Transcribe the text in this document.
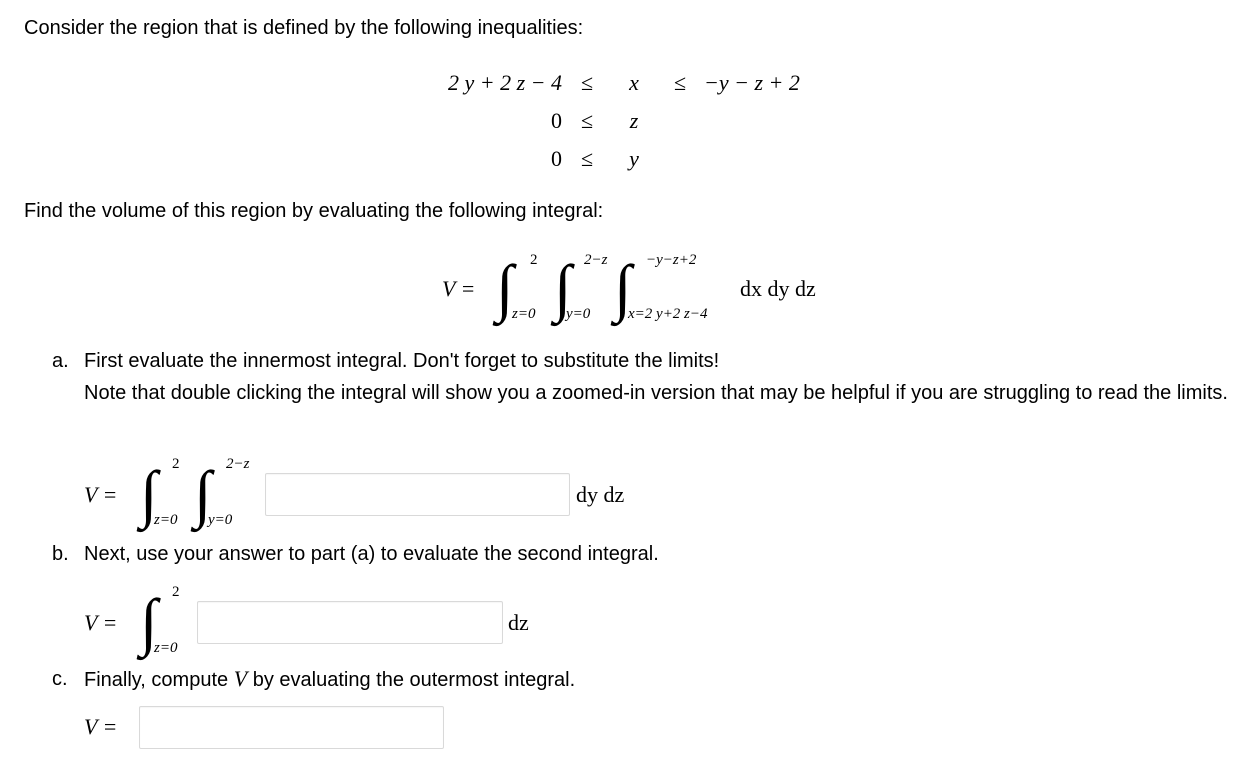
Consider the region that is defined by the following inequalities:
2 y + 2 z − 4	≤	x	≤	−y − z + 2
0	≤	z		
0	≤	y		
Find the volume of this region by evaluating the following integral:
V = ∫ 2
z=0 ∫ 2−z
y=0 ∫ −y−z+2
x=2 y+2 z−4
dx dy dz
a. First evaluate the innermost integral. Don't forget to substitute the limits!
Note that double clicking the integral will show you a zoomed-in version that may be helpful if you are struggling to read the limits.
V = ∫ 2
z=0 ∫ 2−z
y=0
dy dz
b. Next, use your answer to part (a) to evaluate the second integral.
V = ∫ 2
z=0
dz
c. Finally, compute V by evaluating the outermost integral.
V =
